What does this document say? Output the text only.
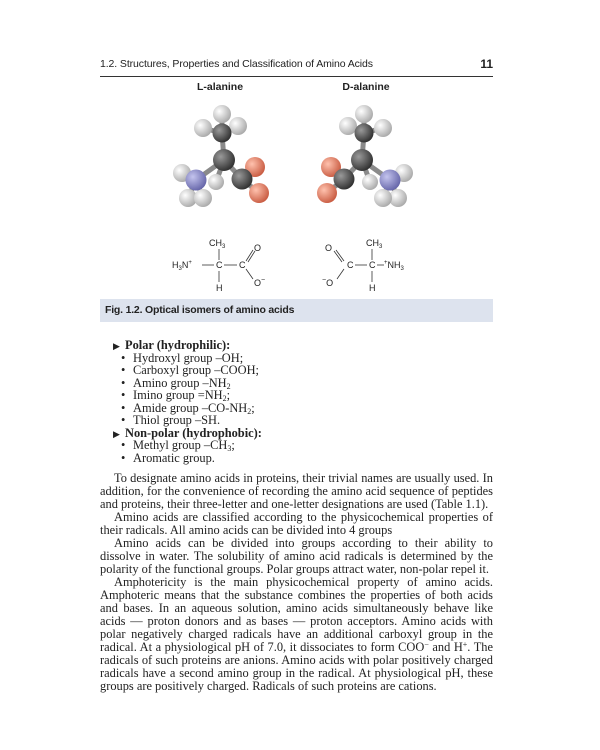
1.2. Structures, Properties and Classification of Amino Acids	11
L-alanine	D-alanine
$CH_3$
$H_3N^+$	C C
O
O−
H
$CH_3$
C C $^+NH_3$
O
−O	H
Fig. 1.2. Optical isomers of amino acids
▶ Polar (hydrophilic):
• Hydroxyl group –OH;
• Carboxyl group –COOH;
• Amino group $-NH_2$
• Imino group $=NH_2$;
• Amide group $-CO-NH_2$;
• Thiol group –SH.
▶ Non-polar (hydrophobic):
• Methyl group $-CH_3$;
• Aromatic group.

To designate amino acids in proteins, their trivial names are usually used. In addition, for the convenience of recording the amino acid sequence of peptides and proteins, their three-letter and one-letter designations are used (Table 1.1).

Amino acids are classified according to the physicochemical properties of their radicals. All amino acids can be divided into 4 groups

Amino acids can be divided into groups according to their ability to dissolve in water. The solubility of amino acid radicals is determined by the polarity of the functional groups. Polar groups attract water, non-polar repel it.

Amphotericity is the main physicochemical property of amino acids. Amphoteric means that the substance combines the properties of both acids and bases. In an aqueous solution, amino acids simultaneously behave like acids — proton donors and as bases — proton acceptors. Amino acids with polar negatively charged radicals have an additional carboxyl group in the radical. At a physiological pH of 7.0, it dissociates to form COO− and H+. The radicals of such proteins are anions. Amino acids with polar positively charged radicals have a second amino group in the radical. At physiological pH, these groups are positively charged. Radicals of such proteins are cations.
